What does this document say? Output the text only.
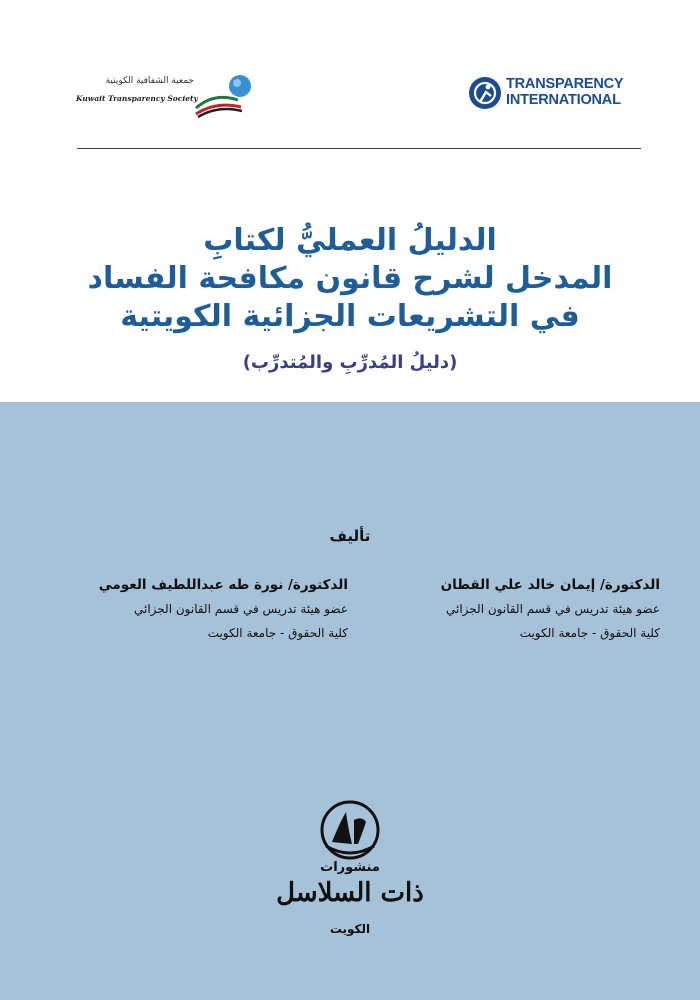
جمعية الشفافية الكويتية
Kuwait Transparency Society
TRANSPARENCY
INTERNATIONAL
الدليلُ العمليُّ لكتابِ
المدخل لشرح قانون مكافحة الفساد
في التشريعات الجزائية الكويتية
(دليلُ المُدرِّبِ والمُتدرِّب)
تأليف
الدكتورة/ إيمان خالد علي القطان
عضو هيئة تدريس في قسم القانون الجزائي
كلية الحقوق - جامعة الكويت
الدكتورة/ نورة طه عبداللطيف العومي
عضو هيئة تدريس في قسم القانون الجزائي
كلية الحقوق - جامعة الكويت
منشورات
ذات السلاسل
الكويت
